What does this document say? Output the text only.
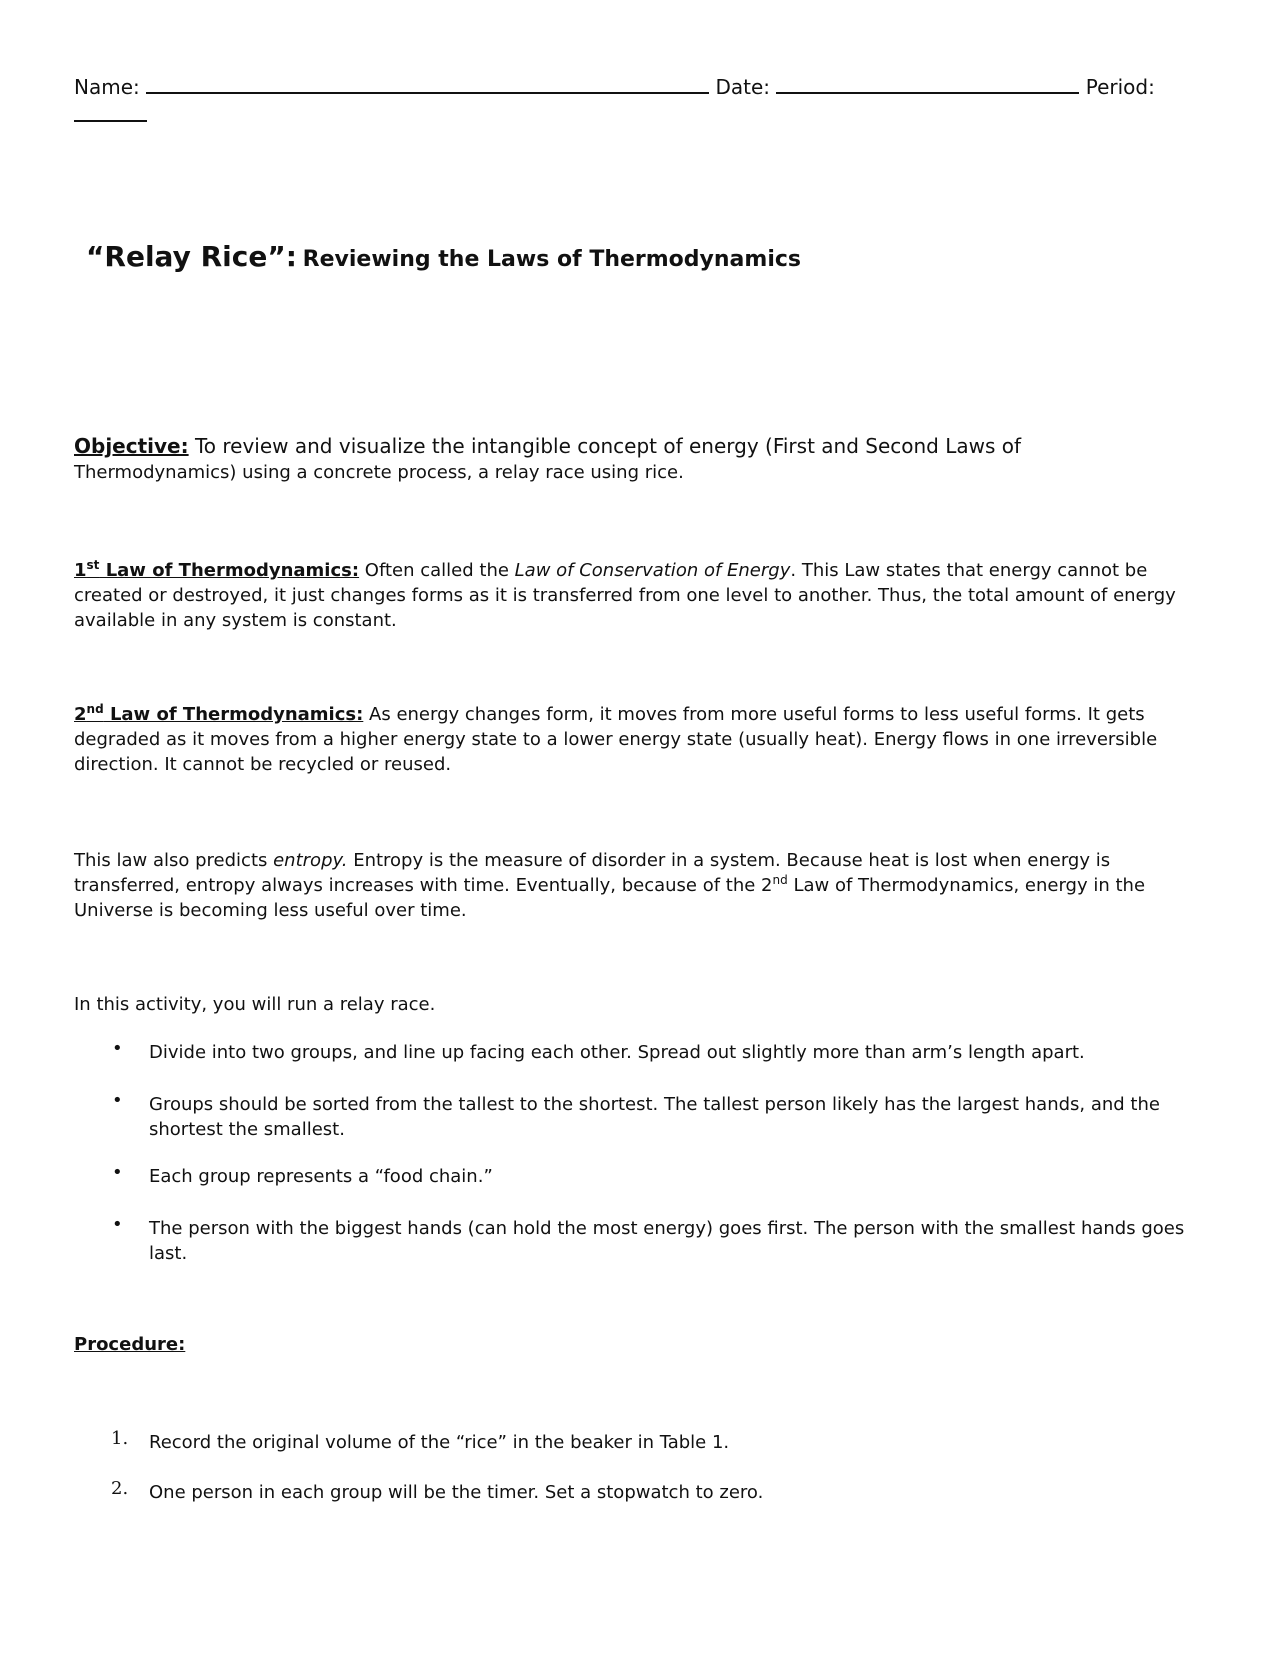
Name:	Date:	Period:
“Relay Rice”: Reviewing the Laws of Thermodynamics
Objective: To review and visualize the intangible concept of energy (First and Second Laws of
Thermodynamics) using a concrete process, a relay race using rice.
1st Law of Thermodynamics: Often called the Law of Conservation of Energy. This Law states that energy cannot be created or destroyed, it just changes forms as it is transferred from one level to another. Thus, the total amount of energy available in any system is constant.
2nd Law of Thermodynamics: As energy changes form, it moves from more useful forms to less useful forms. It gets degraded as it moves from a higher energy state to a lower energy state (usually heat). Energy flows in one irreversible direction. It cannot be recycled or reused.
This law also predicts entropy. Entropy is the measure of disorder in a system. Because heat is lost when energy is transferred, entropy always increases with time. Eventually, because of the 2nd Law of Thermodynamics, energy in the Universe is becoming less useful over time.
In this activity, you will run a relay race.
• Divide into two groups, and line up facing each other. Spread out slightly more than arm’s length apart.
• Groups should be sorted from the tallest to the shortest. The tallest person likely has the largest hands, and the shortest the smallest.
• Each group represents a “food chain.”
• The person with the biggest hands (can hold the most energy) goes first. The person with the smallest hands goes last.
Procedure:
1. Record the original volume of the “rice” in the beaker in Table 1.
2. One person in each group will be the timer. Set a stopwatch to zero.
